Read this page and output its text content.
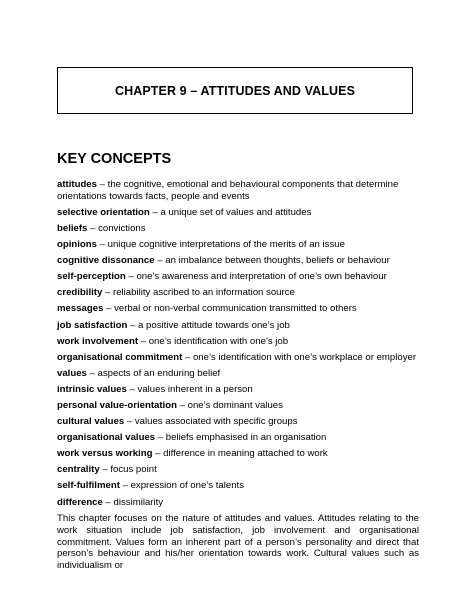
CHAPTER 9 – ATTITUDES AND VALUES
KEY CONCEPTS
attitudes – the cognitive, emotional and behavioural components that determine orientations towards facts, people and events
selective orientation – a unique set of values and attitudes
beliefs – convictions
opinions – unique cognitive interpretations of the merits of an issue
cognitive dissonance – an imbalance between thoughts, beliefs or behaviour
self-perception – one’s awareness and interpretation of one’s own behaviour
credibility – reliability ascribed to an information source
messages – verbal or non-verbal communication transmitted to others
job satisfaction – a positive attitude towards one’s job
work involvement – one’s identification with one’s job
organisational commitment – one’s identification with one’s workplace or employer
values – aspects of an enduring belief
intrinsic values – values inherent in a person
personal value-orientation – one’s dominant values
cultural values – values associated with specific groups
organisational values – beliefs emphasised in an organisation
work versus working – difference in meaning attached to work
centrality – focus point
self-fulfilment – expression of one’s talents
difference – dissimilarity

This chapter focuses on the nature of attitudes and values. Attitudes relating to the work situation include job satisfaction, job involvement and organisational commitment. Values form an inherent part of a person’s personality and direct that person’s behaviour and his/her orientation towards work. Cultural values such as individualism or
